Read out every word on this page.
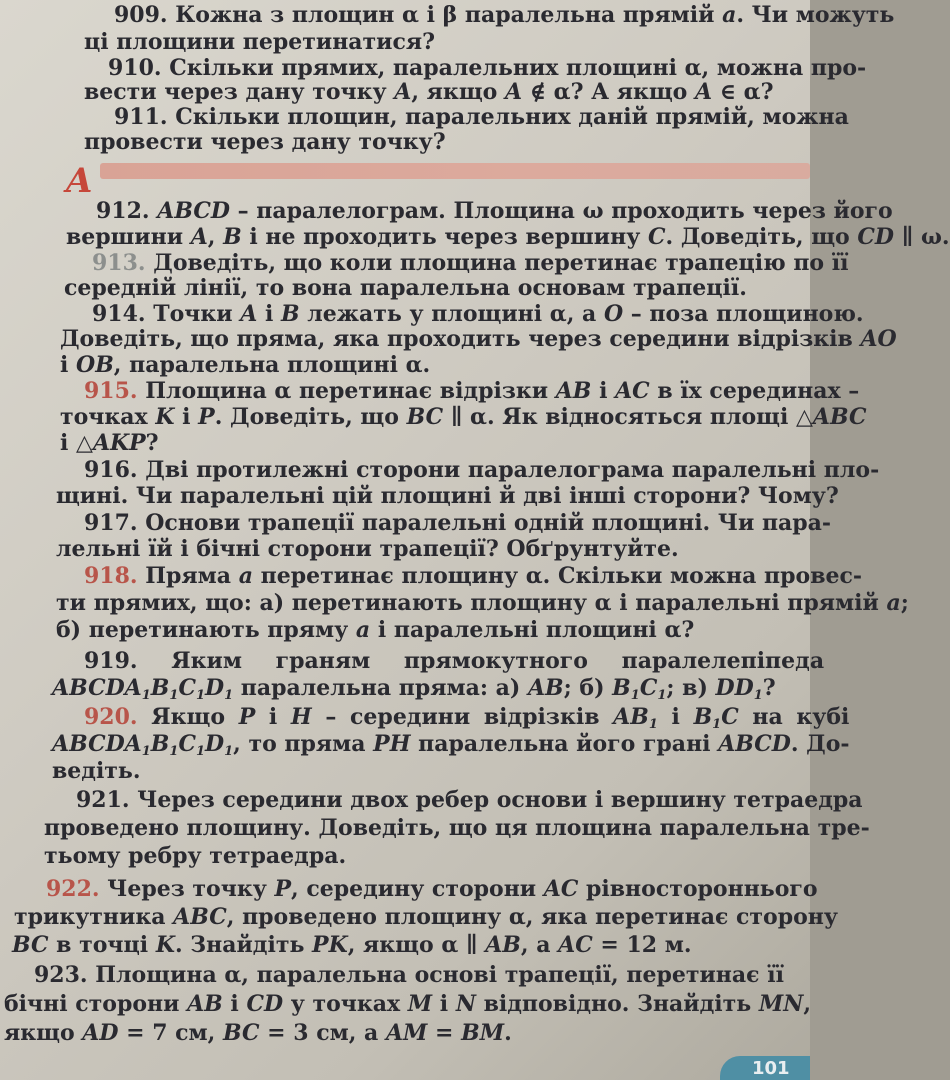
909. Кожна з площин α і β паралельна прямій a. Чи можуть
ці площини перетинатися?
910. Скільки прямих, паралельних площині α, можна про-
вести через дану точку A, якщо A ∉ α? А якщо A ∈ α?
911. Скільки площин, паралельних даній прямій, можна
провести через дану точку?
A
912. ABCD – паралелограм. Площина ω проходить через його
вершини A, B і не проходить через вершину C. Доведіть, що CD ∥ ω.
913. Доведіть, що коли площина перетинає трапецію по її
середній лінії, то вона паралельна основам трапеції.
914. Точки A і B лежать у площині α, а O – поза площиною.
Доведіть, що пряма, яка проходить через середини відрізків AO
і OB, паралельна площині α.
915. Площина α перетинає відрізки AB і AC в їх серединах –
точках K і P. Доведіть, що BC ∥ α. Як відносяться площі △ABC
і △AKP?
916. Дві протилежні сторони паралелограма паралельні пло-
щині. Чи паралельні цій площині й дві інші сторони? Чому?
917. Основи трапеції паралельні одній площині. Чи пара-
лельні їй і бічні сторони трапеції? Обґрунтуйте.
918. Пряма a перетинає площину α. Скільки можна провес-
ти прямих, що: а) перетинають площину α і паралельні прямій a;
б) перетинають пряму a і паралельні площині α?
919. Яким граням прямокутного паралелепіпеда
$ABCDA_1B_1C_1D_1$ паралельна пряма: а) AB; б) $B_1C_1$; в) $DD_1$?
920. Якщо P і H – середини відрізків $AB_1$ і $B_1C$ на кубі
$ABCDA_1B_1C_1D_1$, то пряма PH паралельна його грані ABCD. До-
ведіть.
921. Через середини двох ребер основи і вершину тетраедра
проведено площину. Доведіть, що ця площина паралельна тре-
тьому ребру тетраедра.
922. Через точку P, середину сторони AC рівностороннього
трикутника ABC, проведено площину α, яка перетинає сторону
BC в точці K. Знайдіть PK, якщо α ∥ AB, а AC = 12 м.
923. Площина α, паралельна основі трапеції, перетинає її
бічні сторони AB і CD у точках M і N відповідно. Знайдіть MN,
якщо AD = 7 см, BC = 3 см, а AM = BM.
101
